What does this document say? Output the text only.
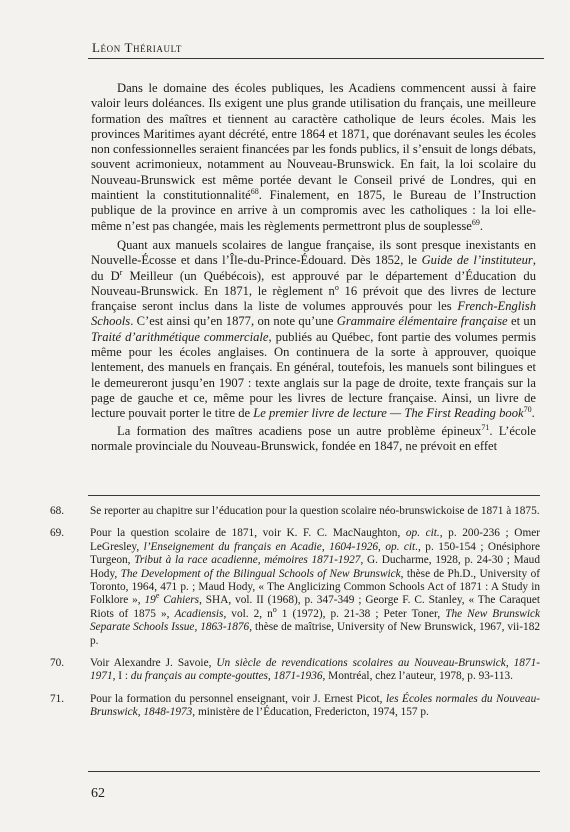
Léon Thériault

Dans le domaine des écoles publiques, les Acadiens commencent aussi à faire valoir leurs doléances. Ils exigent une plus grande utilisation du français, une meilleure formation des maîtres et tiennent au caractère catholique de leurs écoles. Mais les provinces Maritimes ayant décrété, entre 1864 et 1871, que dorénavant seules les écoles non confessionnelles seraient financées par les fonds publics, il s’ensuit de longs débats, souvent acrimonieux, notamment au Nouveau-Brunswick. En fait, la loi scolaire du Nouveau-Brunswick est même portée devant le Conseil privé de Londres, qui en maintient la constitutionnalité$^{68}$. Finalement, en 1875, le Bureau de l’Instruction publique de la province en arrive à un compromis avec les catholiques : la loi elle-même n’est pas changée, mais les règlements permettront plus de souplesse$^{69}$.

Quant aux manuels scolaires de langue française, ils sont presque inexistants en Nouvelle-Écosse et dans l’Île-du-Prince-Édouard. Dès 1852, le Guide de l’instituteur, du $D^r$ Meilleur (un Québécois), est approuvé par le département d’Éducation du Nouveau-Brunswick. En 1871, le règlement $n^o$ 16 prévoit que des livres de lecture française seront inclus dans la liste de volumes approuvés pour les French-English Schools. C’est ainsi qu’en 1877, on note qu’une Grammaire élémentaire française et un Traité d’arithmétique commerciale, publiés au Québec, font partie des volumes permis même pour les écoles anglaises. On continuera de la sorte à approuver, quoique lentement, des manuels en français. En général, toutefois, les manuels sont bilingues et le demeureront jusqu’en 1907 : texte anglais sur la page de droite, texte français sur la page de gauche et ce, même pour les livres de lecture française. Ainsi, un livre de lecture pouvait porter le titre de Le premier livre de lecture — The First Reading book$^{70}$.

La formation des maîtres acadiens pose un autre problème épineux$^{71}$. L’école normale provinciale du Nouveau-Brunswick, fondée en 1847, ne prévoit en effet

68.	Se reporter au chapitre sur l’éducation pour la question scolaire néo-brunswickoise de 1871 à 1875.
69.	Pour la question scolaire de 1871, voir K. F. C. MacNaughton, op. cit., p. 200-236 ; Omer LeGresley, l’Enseignement du français en Acadie, 1604-1926, op. cit., p. 150-154 ; Onésiphore Turgeon, Tribut à la race acadienne, mémoires 1871-1927, G. Ducharme, 1928, p. 24-30 ; Maud Hody, The Development of the Bilingual Schools of New Brunswick, thèse de Ph.D., University of Toronto, 1964, 471 p. ; Maud Hody, « The Anglicizing Common Schools Act of 1871 : A Study in Folklore », 19e Cahiers, SHA, vol. II (1968), p. 347-349 ; George F. C. Stanley, « The Caraquet Riots of 1875 », Acadiensis, vol. 2, $n^o$ 1 (1972), p. 21-38 ; Peter Toner, The New Brunswick Separate Schools Issue, 1863-1876, thèse de maîtrise, University of New Brunswick, 1967, vii-182 p.
70.	Voir Alexandre J. Savoie, Un siècle de revendications scolaires au Nouveau-Brunswick, 1871-1971, I : du français au compte-gouttes, 1871-1936, Montréal, chez l’auteur, 1978, p. 93-113.
71.	Pour la formation du personnel enseignant, voir J. Ernest Picot, les Écoles normales du Nouveau-Brunswick, 1848-1973, ministère de l’Éducation, Fredericton, 1974, 157 p.
62
